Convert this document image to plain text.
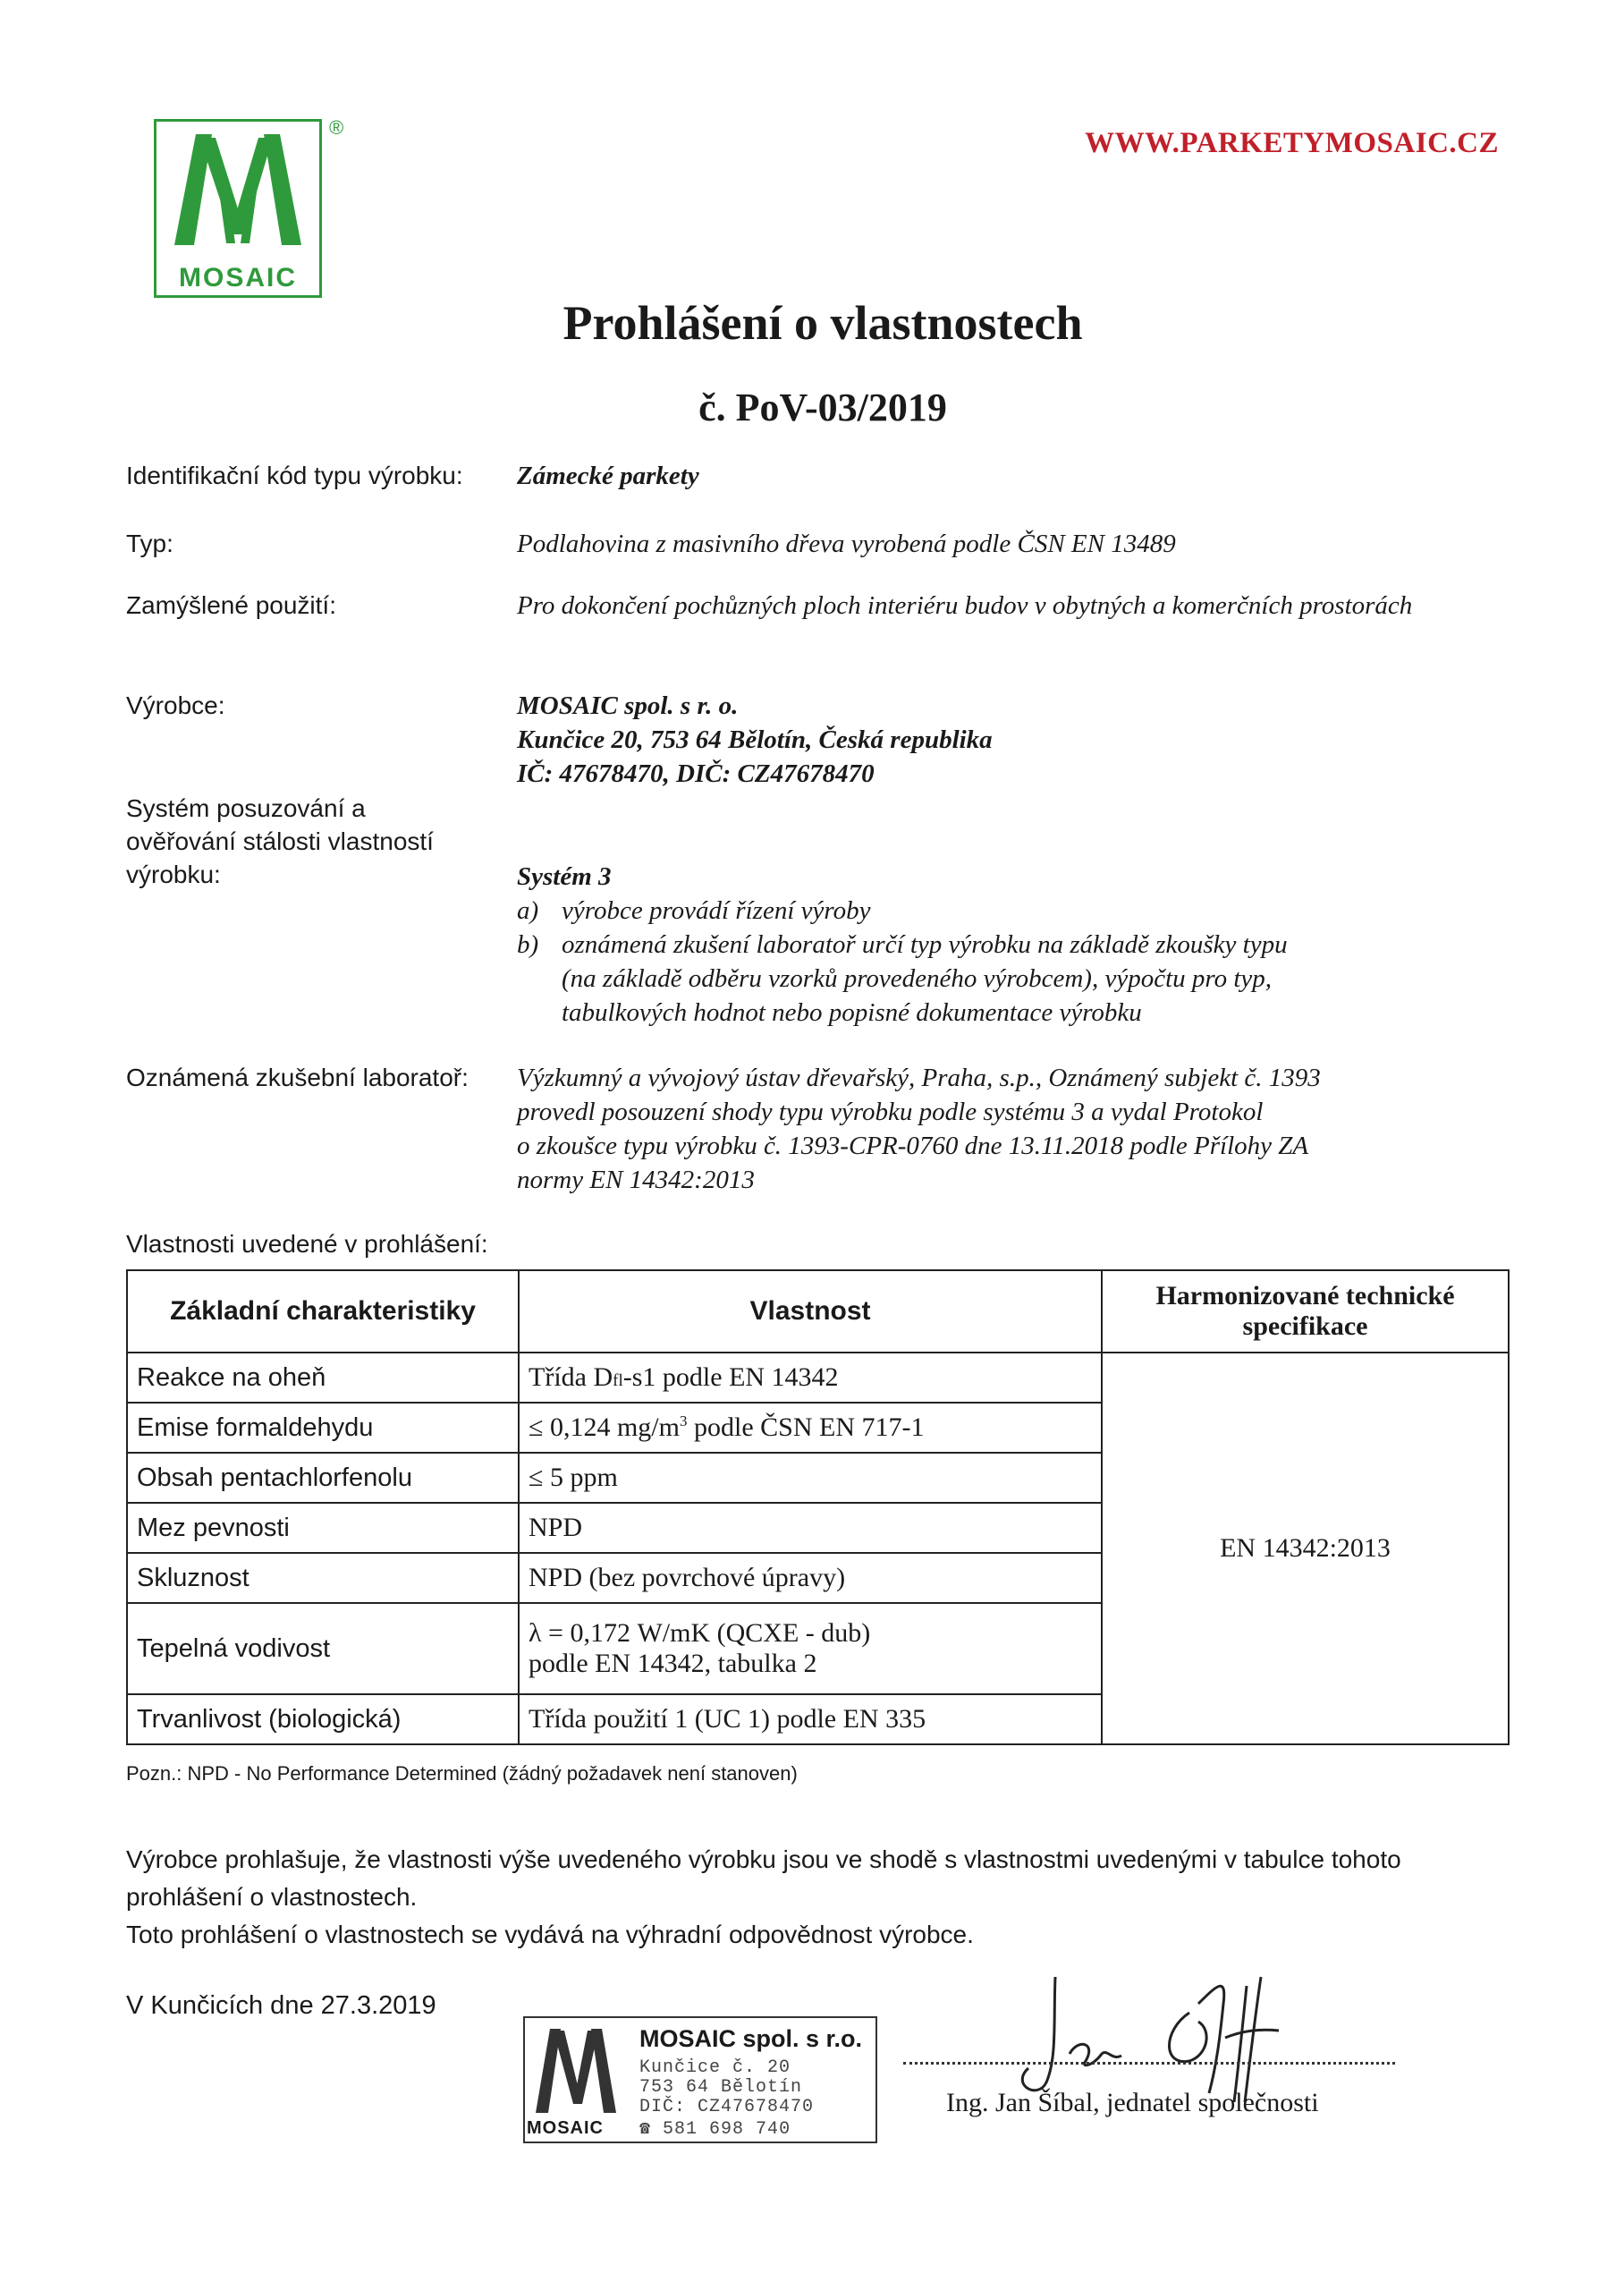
MOSAIC
®	WWW.PARKETYMOSAIC.CZ
Prohlášení o vlastnostech
č. PoV-03/2019
Identifikační kód typu výrobku: Zámecké parkety
Typ:	Podlahovina z masivního dřeva vyrobená podle ČSN EN 13489
Zamýšlené použití:	Pro dokončení pochůzných ploch interiéru budov v obytných a komerčních prostorách
Výrobce:	MOSAIC spol. s r. o.
Kunčice 20, 753 64 Bělotín, Česká republika
IČ: 47678470, DIČ: CZ47678470
Systém posuzování a
ověřování stálosti vlastností
výrobku:	Systém 3
a) výrobce provádí řízení výroby
b) oznámená zkušení laboratoř určí typ výrobku na základě zkoušky typu
(na základě odběru vzorků provedeného výrobcem), výpočtu pro typ,
tabulkových hodnot nebo popisné dokumentace výrobku
Oznámená zkušební laboratoř: Výzkumný a vývojový ústav dřevařský, Praha, s.p., Oznámený subjekt č. 1393
provedl posouzení shody typu výrobku podle systému 3 a vydal Protokol
o zkoušce typu výrobku č. 1393-CPR-0760 dne 13.11.2018 podle Přílohy ZA
normy EN 14342:2013
Vlastnosti uvedené v prohlášení:
Základní charakteristiky	Vlastnost	Harmonizované technické specifikace
Reakce na oheň	Třída Dfl-s1 podle EN 14342	EN 14342:2013
Emise formaldehydu	≤ 0,124 $mg/m^3$ podle ČSN EN 717-1	
Obsah pentachlorfenolu	≤ 5 ppm	
Mez pevnosti	NPD	
Skluznost	NPD (bez povrchové úpravy)	
Tepelná vodivost	λ = 0,172 W/mK (QCXE - dub)
podle EN 14342, tabulka 2	

Trvanlivost (biologická)	Třída použití 1 (UC 1) podle EN 335	
Pozn.: NPD - No Performance Determined (žádný požadavek není stanoven)
Výrobce prohlašuje, že vlastnosti výše uvedeného výrobku jsou ve shodě s vlastnostmi uvedenými v tabulce tohoto prohlášení o vlastnostech.
Toto prohlášení o vlastnostech se vydává na výhradní odpovědnost výrobce.
V Kunčicích dne 27.3.2019
MOSAIC
MOSAIC spol. s r.o.
Kunčice č. 20
753 64 Bělotín
DIČ: CZ47678470
☎ 581 698 740
Ing. Jan Šíbal, jednatel společnosti
